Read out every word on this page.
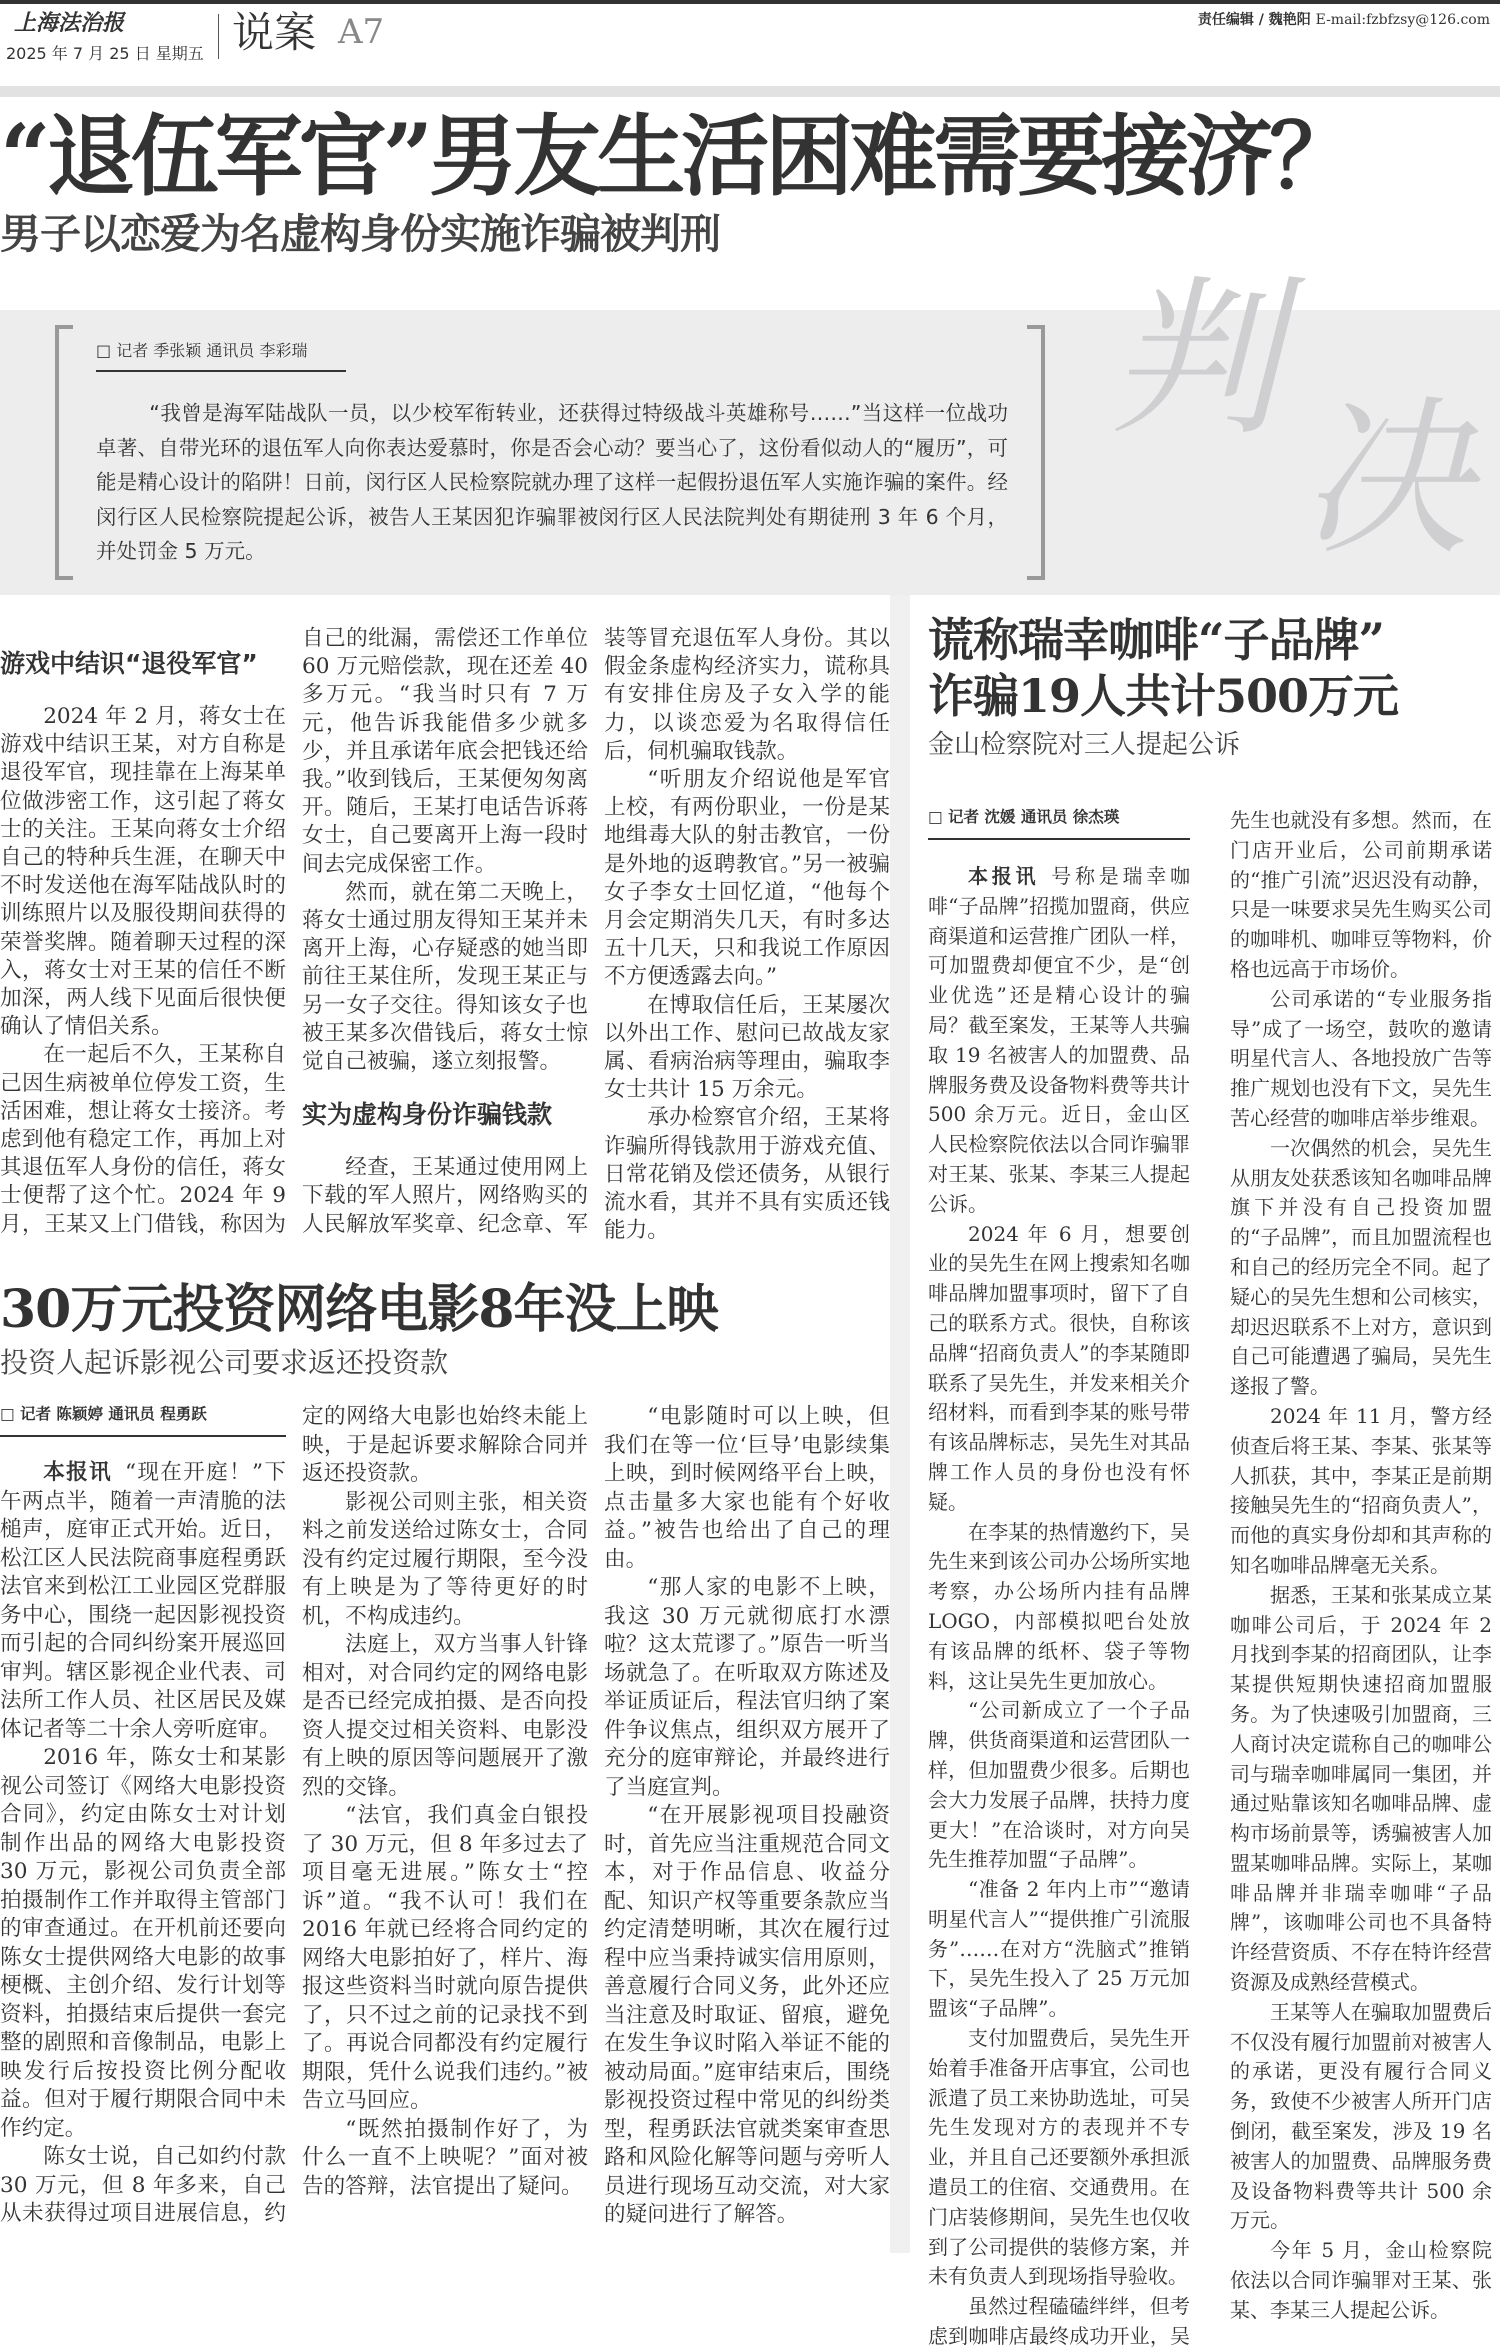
上海法治报
2025 年 7 月 25 日 星期五 说案 A7	责任编辑 / 魏艳阳 E-mail:fzbfzsy@126.com
“退伍军官”男友生活困难需要接济？
男子以恋爱为名虚构身份实施诈骗被判刑
判
决
□ 记者 季张颖 通讯员 李彩瑞

“我曾是海军陆战队一员，以少校军衔转业，还获得过特级战斗英雄称号……”当这样一位战功卓著、自带光环的退伍军人向你表达爱慕时，你是否会心动？要当心了，这份看似动人的“履历”，可能是精心设计的陷阱！日前，闵行区人民检察院就办理了这样一起假扮退伍军人实施诈骗的案件。经闵行区人民检察院提起公诉，被告人王某因犯诈骗罪被闵行区人民法院判处有期徒刑 3 年 6 个月，并处罚金 5 万元。

游戏中结识“退役军官”

2024 年 2 月，蒋女士在游戏中结识王某，对方自称是退役军官，现挂靠在上海某单位做涉密工作，这引起了蒋女士的关注。王某向蒋女士介绍自己的特种兵生涯，在聊天中不时发送他在海军陆战队时的训练照片以及服役期间获得的荣誉奖牌。随着聊天过程的深入，蒋女士对王某的信任不断加深，两人线下见面后很快便确认了情侣关系。

在一起后不久，王某称自己因生病被单位停发工资，生活困难，想让蒋女士接济。考虑到他有稳定工作，再加上对其退伍军人身份的信任，蒋女士便帮了这个忙。2024 年 9 月，王某又上门借钱，称因为自己的纰漏，需偿还工作单位 60 万元赔偿款，现在还差 40 多万元。“我当时只有 7 万元，他告诉我能借多少就多少，并且承诺年底会把钱还给我。”收到钱后，王某便匆匆离开。随后，王某打电话告诉蒋女士，自己要离开上海一段时间去完成保密工作。

然而，就在第二天晚上，蒋女士通过朋友得知王某并未离开上海，心存疑惑的她当即前往王某住所，发现王某正与另一女子交往。得知该女子也被王某多次借钱后，蒋女士惊觉自己被骗，遂立刻报警。

实为虚构身份诈骗钱款

经查，王某通过使用网上下载的军人照片，网络购买的人民解放军奖章、纪念章、军装等冒充退伍军人身份。其以假金条虚构经济实力，谎称具有安排住房及子女入学的能力，以谈恋爱为名取得信任后，伺机骗取钱款。

“听朋友介绍说他是军官上校，有两份职业，一份是某地缉毒大队的射击教官，一份是外地的返聘教官。”另一被骗女子李女士回忆道，“他每个月会定期消失几天，有时多达五十几天，只和我说工作原因不方便透露去向。”

在博取信任后，王某屡次以外出工作、慰问已故战友家属、看病治病等理由，骗取李女士共计 15 万余元。

承办检察官介绍，王某将诈骗所得钱款用于游戏充值、日常花销及偿还债务，从银行流水看，其并不具有实质还钱能力。

30万元投资网络电影8年没上映
投资人起诉影视公司要求返还投资款
□ 记者 陈颖婷 通讯员 程勇跃

本报讯 “现在开庭！”下午两点半，随着一声清脆的法槌声，庭审正式开始。近日，松江区人民法院商事庭程勇跃法官来到松江工业园区党群服务中心，围绕一起因影视投资而引起的合同纠纷案开展巡回审判。辖区影视企业代表、司法所工作人员、社区居民及媒体记者等二十余人旁听庭审。

2016 年，陈女士和某影视公司签订《网络大电影投资合同》，约定由陈女士对计划制作出品的网络大电影投资 30 万元，影视公司负责全部拍摄制作工作并取得主管部门的审查通过。在开机前还要向陈女士提供网络大电影的故事梗概、主创介绍、发行计划等资料，拍摄结束后提供一套完整的剧照和音像制品，电影上映发行后按投资比例分配收益。但对于履行期限合同中未作约定。

陈女士说，自己如约付款 30 万元，但 8 年多来，自己从未获得过项目进展信息，约定的网络大电影也始终未能上映，于是起诉要求解除合同并返还投资款。

影视公司则主张，相关资料之前发送给过陈女士，合同没有约定过履行期限，至今没有上映是为了等待更好的时机，不构成违约。

法庭上，双方当事人针锋相对，对合同约定的网络电影是否已经完成拍摄、是否向投资人提交过相关资料、电影没有上映的原因等问题展开了激烈的交锋。

“法官，我们真金白银投了 30 万元，但 8 年多过去了项目毫无进展。”陈女士“控诉”道。“我不认可！我们在 2016 年就已经将合同约定的网络大电影拍好了，样片、海报这些资料当时就向原告提供了，只不过之前的记录找不到了。再说合同都没有约定履行期限，凭什么说我们违约。”被告立马回应。

“既然拍摄制作好了，为什么一直不上映呢？”面对被告的答辩，法官提出了疑问。

“电影随时可以上映，但我们在等一位‘巨导’电影续集上映，到时候网络平台上映，点击量多大家也能有个好收益。”被告也给出了自己的理由。

“那人家的电影不上映，我这 30 万元就彻底打水漂啦？这太荒谬了。”原告一听当场就急了。在听取双方陈述及举证质证后，程法官归纳了案件争议焦点，组织双方展开了充分的庭审辩论，并最终进行了当庭宣判。

“在开展影视项目投融资时，首先应当注重规范合同文本，对于作品信息、收益分配、知识产权等重要条款应当约定清楚明晰，其次在履行过程中应当秉持诚实信用原则，善意履行合同义务，此外还应当注意及时取证、留痕，避免在发生争议时陷入举证不能的被动局面。”庭审结束后，围绕影视投资过程中常见的纠纷类型，程勇跃法官就类案审查思路和风险化解等问题与旁听人员进行现场互动交流，对大家的疑问进行了解答。

谎称瑞幸咖啡“子品牌”
诈骗19人共计500万元
金山检察院对三人提起公诉
□ 记者 沈媛 通讯员 徐杰瑛

本报讯 号称是瑞幸咖啡“子品牌”招揽加盟商，供应商渠道和运营推广团队一样，可加盟费却便宜不少，是“创业优选”还是精心设计的骗局？截至案发，王某等人共骗取 19 名被害人的加盟费、品牌服务费及设备物料费等共计 500 余万元。近日，金山区人民检察院依法以合同诈骗罪对王某、张某、李某三人提起公诉。

2024 年 6 月，想要创业的吴先生在网上搜索知名咖啡品牌加盟事项时，留下了自己的联系方式。很快，自称该品牌“招商负责人”的李某随即联系了吴先生，并发来相关介绍材料，而看到李某的账号带有该品牌标志，吴先生对其品牌工作人员的身份也没有怀疑。

在李某的热情邀约下，吴先生来到该公司办公场所实地考察，办公场所内挂有品牌 LOGO，内部模拟吧台处放有该品牌的纸杯、袋子等物料，这让吴先生更加放心。

“公司新成立了一个子品牌，供货商渠道和运营团队一样，但加盟费少很多。后期也会大力发展子品牌，扶持力度更大！”在洽谈时，对方向吴先生推荐加盟“子品牌”。

“准备 2 年内上市”“邀请明星代言人”“提供推广引流服务”……在对方“洗脑式”推销下，吴先生投入了 25 万元加盟该“子品牌”。

支付加盟费后，吴先生开始着手准备开店事宜，公司也派遣了员工来协助选址，可吴先生发现对方的表现并不专业，并且自己还要额外承担派遣员工的住宿、交通费用。在门店装修期间，吴先生也仅收到了公司提供的装修方案，并未有负责人到现场指导验收。

虽然过程磕磕绊绊，但考虑到咖啡店最终成功开业，吴先生也就没有多想。然而，在门店开业后，公司前期承诺的“推广引流”迟迟没有动静，只是一味要求吴先生购买公司的咖啡机、咖啡豆等物料，价格也远高于市场价。

公司承诺的“专业服务指导”成了一场空，鼓吹的邀请明星代言人、各地投放广告等推广规划也没有下文，吴先生苦心经营的咖啡店举步维艰。

一次偶然的机会，吴先生从朋友处获悉该知名咖啡品牌旗下并没有自己投资加盟的“子品牌”，而且加盟流程也和自己的经历完全不同。起了疑心的吴先生想和公司核实，却迟迟联系不上对方，意识到自己可能遭遇了骗局，吴先生遂报了警。

2024 年 11 月，警方经侦查后将王某、李某、张某等人抓获，其中，李某正是前期接触吴先生的“招商负责人”，而他的真实身份却和其声称的知名咖啡品牌毫无关系。

据悉，王某和张某成立某咖啡公司后，于 2024 年 2 月找到李某的招商团队，让李某提供短期快速招商加盟服务。为了快速吸引加盟商，三人商讨决定谎称自己的咖啡公司与瑞幸咖啡属同一集团，并通过贴靠该知名咖啡品牌、虚构市场前景等，诱骗被害人加盟某咖啡品牌。实际上，某咖啡品牌并非瑞幸咖啡“子品牌”，该咖啡公司也不具备特许经营资质、不存在特许经营资源及成熟经营模式。

王某等人在骗取加盟费后不仅没有履行加盟前对被害人的承诺，更没有履行合同义务，致使不少被害人所开门店倒闭，截至案发，涉及 19 名被害人的加盟费、品牌服务费及设备物料费等共计 500 余万元。

今年 5 月，金山检察院依法以合同诈骗罪对王某、张某、李某三人提起公诉。
